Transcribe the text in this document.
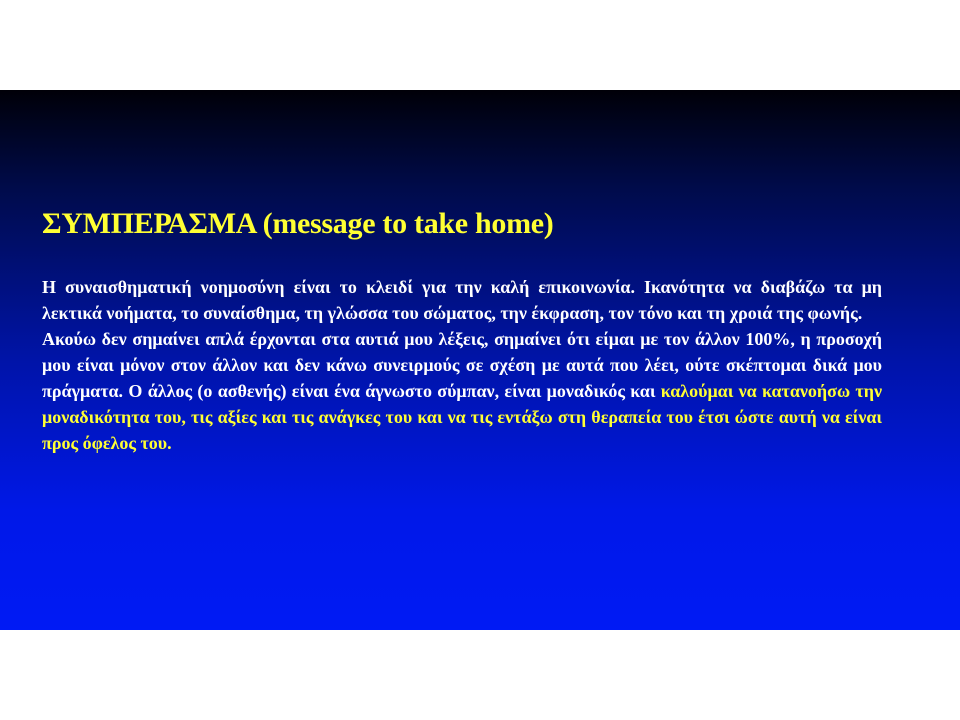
ΣΥΜΠΕΡΑΣΜΑ (message to take home)

Η συναισθηματική νοημοσύνη είναι το κλειδί για την καλή επικοινωνία. Ικανότητα να διαβάζω τα μη λεκτικά νοήματα, το συναίσθημα, τη γλώσσα του σώματος, την έκφραση, τον τόνο και τη χροιά της φωνής.

Ακούω δεν σημαίνει απλά έρχονται στα αυτιά μου λέξεις, σημαίνει ότι είμαι με τον άλλον 100%, η προσοχή μου είναι μόνον στον άλλον και δεν κάνω συνειρμούς σε σχέση με αυτά που λέει, ούτε σκέπτομαι δικά μου πράγματα. Ο άλλος (ο ασθενής) είναι ένα άγνωστο σύμπαν, είναι μοναδικός και καλούμαι να κατανοήσω την μοναδικότητα του, τις αξίες και τις ανάγκες του και να τις εντάξω στη θεραπεία του έτσι ώστε αυτή να είναι προς όφελος του.
